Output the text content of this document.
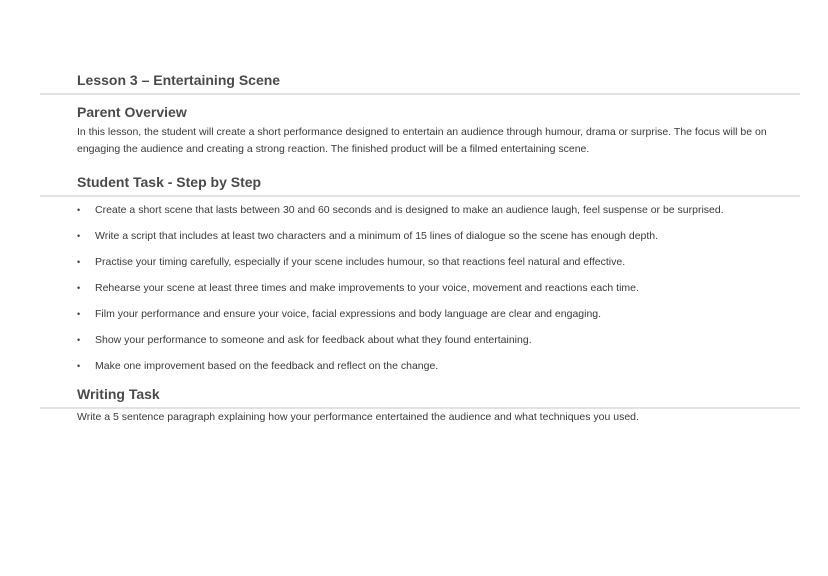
Lesson 3 – Entertaining Scene
Parent Overview

In this lesson, the student will create a short performance designed to entertain an audience through humour, drama or surprise. The focus will be on engaging the audience and creating a strong reaction. The finished product will be a filmed entertaining scene.

Student Task - Step by Step
•	Create a short scene that lasts between 30 and 60 seconds and is designed to make an audience laugh, feel suspense or be surprised.
•	Write a script that includes at least two characters and a minimum of 15 lines of dialogue so the scene has enough depth.
•	Practise your timing carefully, especially if your scene includes humour, so that reactions feel natural and effective.
•	Rehearse your scene at least three times and make improvements to your voice, movement and reactions each time.
•	Film your performance and ensure your voice, facial expressions and body language are clear and engaging.
•	Show your performance to someone and ask for feedback about what they found entertaining.
•	Make one improvement based on the feedback and reflect on the change.
Writing Task

Write a 5 sentence paragraph explaining how your performance entertained the audience and what techniques you used.
